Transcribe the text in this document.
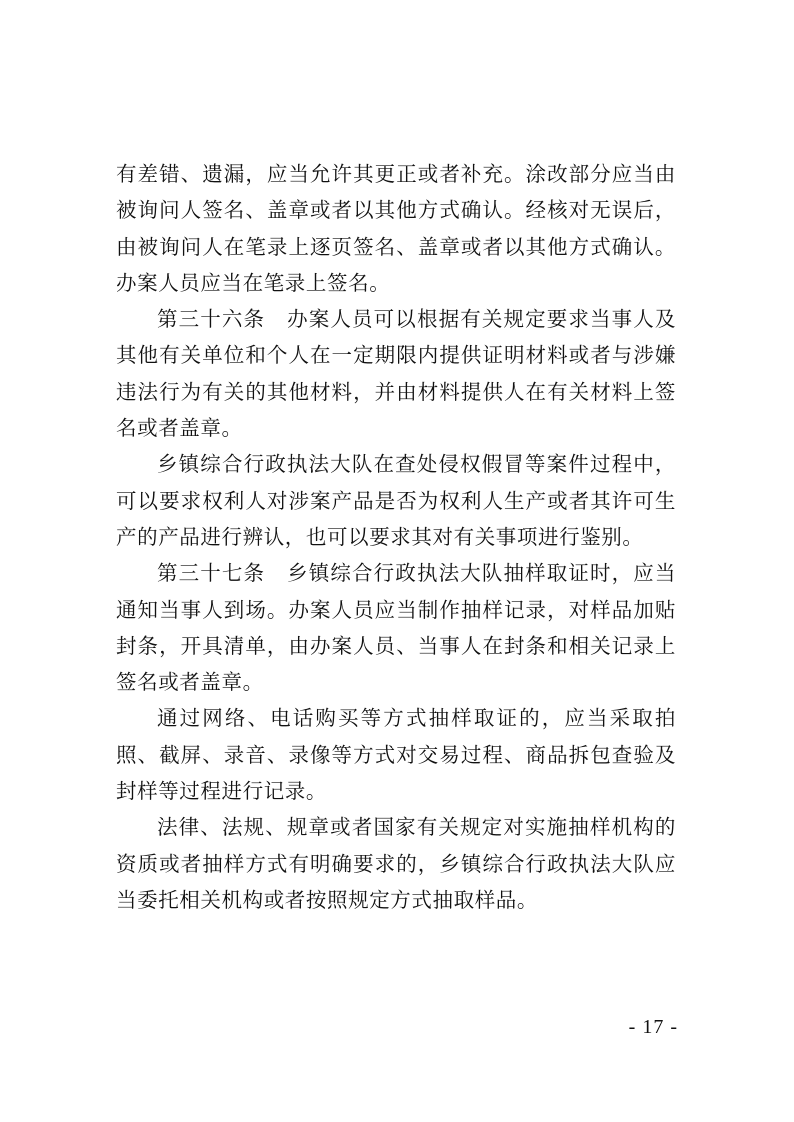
有差错、遗漏，应当允许其更正或者补充。涂改部分应当由被询问人签名、盖章或者以其他方式确认。经核对无误后，由被询问人在笔录上逐页签名、盖章或者以其他方式确认。办案人员应当在笔录上签名。

第三十六条 办案人员可以根据有关规定要求当事人及其他有关单位和个人在一定期限内提供证明材料或者与涉嫌违法行为有关的其他材料，并由材料提供人在有关材料上签名或者盖章。

乡镇综合行政执法大队在查处侵权假冒等案件过程中，可以要求权利人对涉案产品是否为权利人生产或者其许可生产的产品进行辨认，也可以要求其对有关事项进行鉴别。

第三十七条 乡镇综合行政执法大队抽样取证时，应当通知当事人到场。办案人员应当制作抽样记录，对样品加贴封条，开具清单，由办案人员、当事人在封条和相关记录上签名或者盖章。

通过网络、电话购买等方式抽样取证的，应当采取拍照、截屏、录音、录像等方式对交易过程、商品拆包查验及封样等过程进行记录。

法律、法规、规章或者国家有关规定对实施抽样机构的资质或者抽样方式有明确要求的，乡镇综合行政执法大队应当委托相关机构或者按照规定方式抽取样品。

- 17 -
